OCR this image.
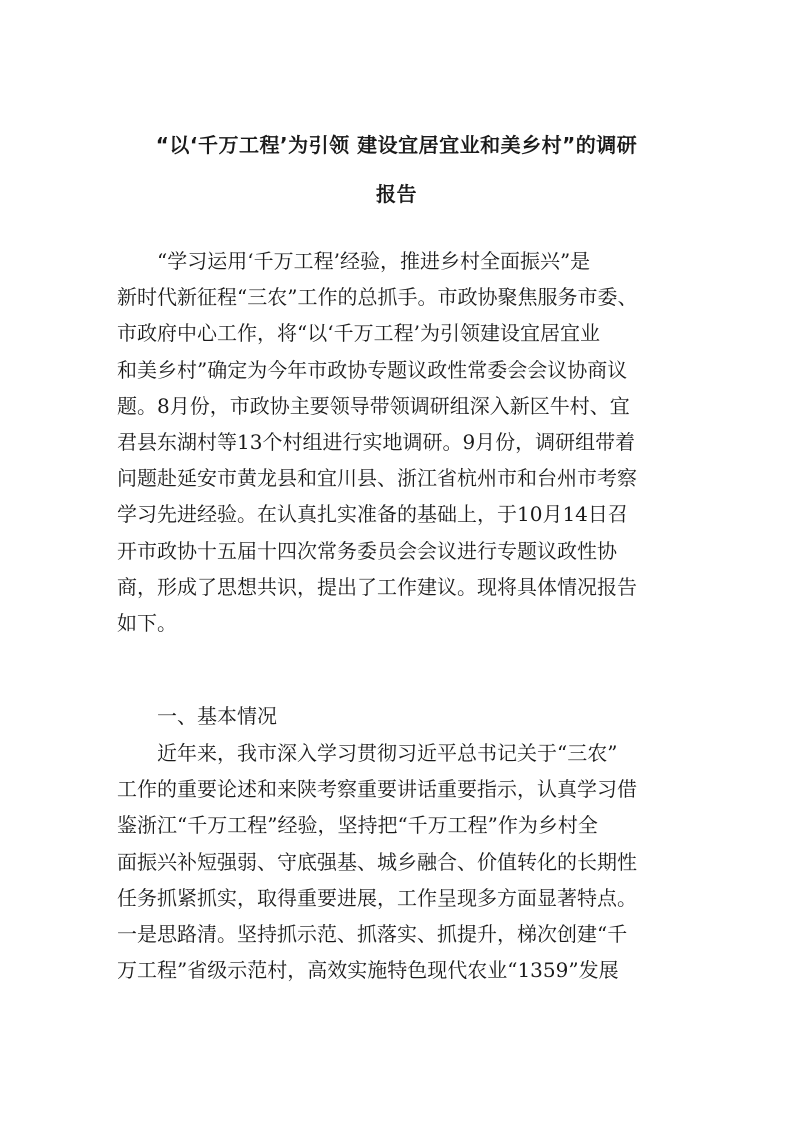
“以‘千万工程’为引领 建设宜居宜业和美乡村”的调研
报告
“学习运用‘千万工程’经验，推进乡村全面振兴”是
新时代新征程“三农”工作的总抓手。市政协聚焦服务市委、
市政府中心工作，将“以‘千万工程’为引领建设宜居宜业
和美乡村”确定为今年市政协专题议政性常委会会议协商议
题。8月份，市政协主要领导带领调研组深入新区牛村、宜
君县东湖村等13个村组进行实地调研。9月份，调研组带着
问题赴延安市黄龙县和宜川县、浙江省杭州市和台州市考察
学习先进经验。在认真扎实准备的基础上，于10月14日召
开市政协十五届十四次常务委员会会议进行专题议政性协
商，形成了思想共识，提出了工作建议。现将具体情况报告
如下。
一、基本情况
近年来，我市深入学习贯彻习近平总书记关于“三农”
工作的重要论述和来陕考察重要讲话重要指示，认真学习借
鉴浙江“千万工程”经验，坚持把“千万工程”作为乡村全
面振兴补短强弱、守底强基、城乡融合、价值转化的长期性
任务抓紧抓实，取得重要进展，工作呈现多方面显著特点。
一是思路清。坚持抓示范、抓落实、抓提升，梯次创建“千
万工程”省级示范村，高效实施特色现代农业“1359”发展
